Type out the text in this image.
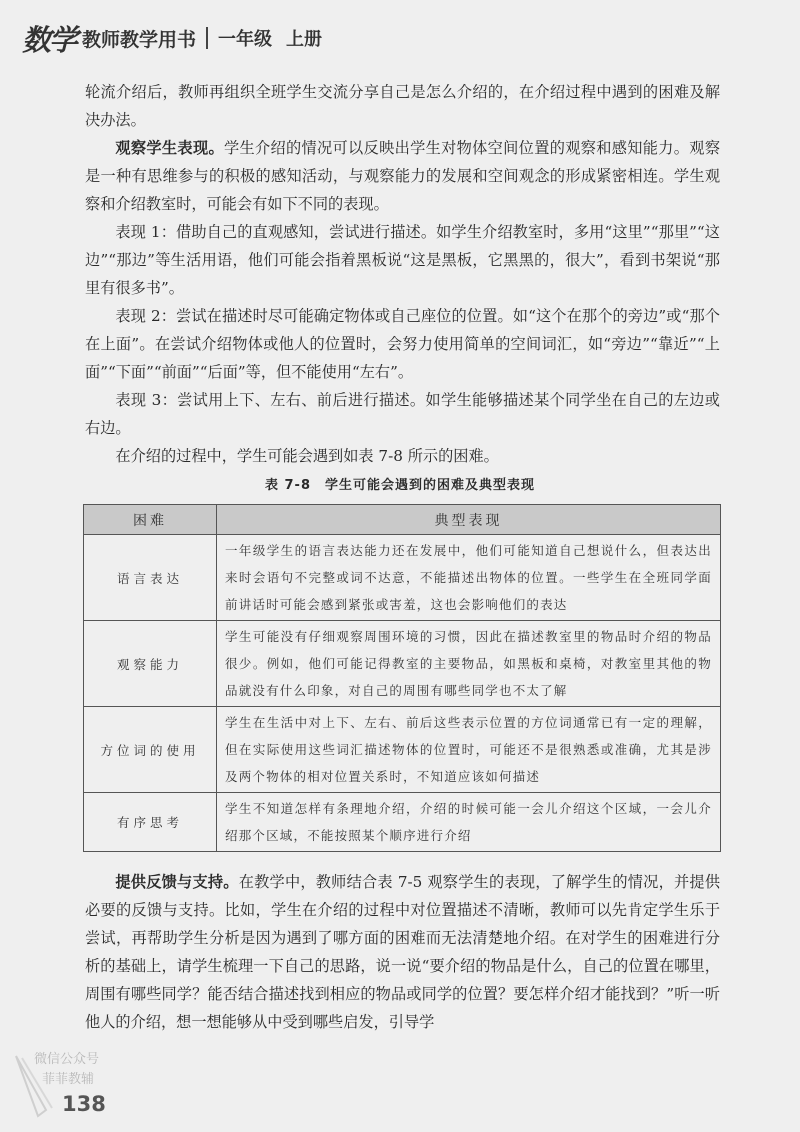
数学 教师教学用书 一年级 上册

轮流介绍后，教师再组织全班学生交流分享自己是怎么介绍的，在介绍过程中遇到的困难及解决办法。

观察学生表现。学生介绍的情况可以反映出学生对物体空间位置的观察和感知能力。观察是一种有思维参与的积极的感知活动，与观察能力的发展和空间观念的形成紧密相连。学生观察和介绍教室时，可能会有如下不同的表现。

表现 1：借助自己的直观感知，尝试进行描述。如学生介绍教室时，多用“这里”“那里”“这边”“那边”等生活用语，他们可能会指着黑板说“这是黑板，它黑黑的，很大”，看到书架说“那里有很多书”。

表现 2：尝试在描述时尽可能确定物体或自己座位的位置。如“这个在那个的旁边”或“那个在上面”。在尝试介绍物体或他人的位置时，会努力使用简单的空间词汇，如“旁边”“靠近”“上面”“下面”“前面”“后面”等，但不能使用“左右”。

表现 3：尝试用上下、左右、前后进行描述。如学生能够描述某个同学坐在自己的左边或右边。

在介绍的过程中，学生可能会遇到如表 7-8 所示的困难。

表 7-8　学生可能会遇到的困难及典型表现
困难	典型表现
语言表达	一年级学生的语言表达能力还在发展中，他们可能知道自己想说什么，但表达出来时会语句不完整或词不达意，不能描述出物体的位置。一些学生在全班同学面前讲话时可能会感到紧张或害羞，这也会影响他们的表达
观察能力	学生可能没有仔细观察周围环境的习惯，因此在描述教室里的物品时介绍的物品很少。例如，他们可能记得教室的主要物品，如黑板和桌椅，对教室里其他的物品就没有什么印象，对自己的周围有哪些同学也不太了解
方位词的使用	学生在生活中对上下、左右、前后这些表示位置的方位词通常已有一定的理解，但在实际使用这些词汇描述物体的位置时，可能还不是很熟悉或准确，尤其是涉及两个物体的相对位置关系时，不知道应该如何描述
有序思考	学生不知道怎样有条理地介绍，介绍的时候可能一会儿介绍这个区域，一会儿介绍那个区域，不能按照某个顺序进行介绍

提供反馈与支持。在教学中，教师结合表 7-5 观察学生的表现，了解学生的情况，并提供必要的反馈与支持。比如，学生在介绍的过程中对位置描述不清晰，教师可以先肯定学生乐于尝试，再帮助学生分析是因为遇到了哪方面的困难而无法清楚地介绍。在对学生的困难进行分析的基础上，请学生梳理一下自己的思路，说一说“要介绍的物品是什么，自己的位置在哪里，周围有哪些同学？能否结合描述找到相应的物品或同学的位置？要怎样介绍才能找到？”听一听他人的介绍，想一想能够从中受到哪些启发，引导学

微信公众号
菲菲教辅
138
